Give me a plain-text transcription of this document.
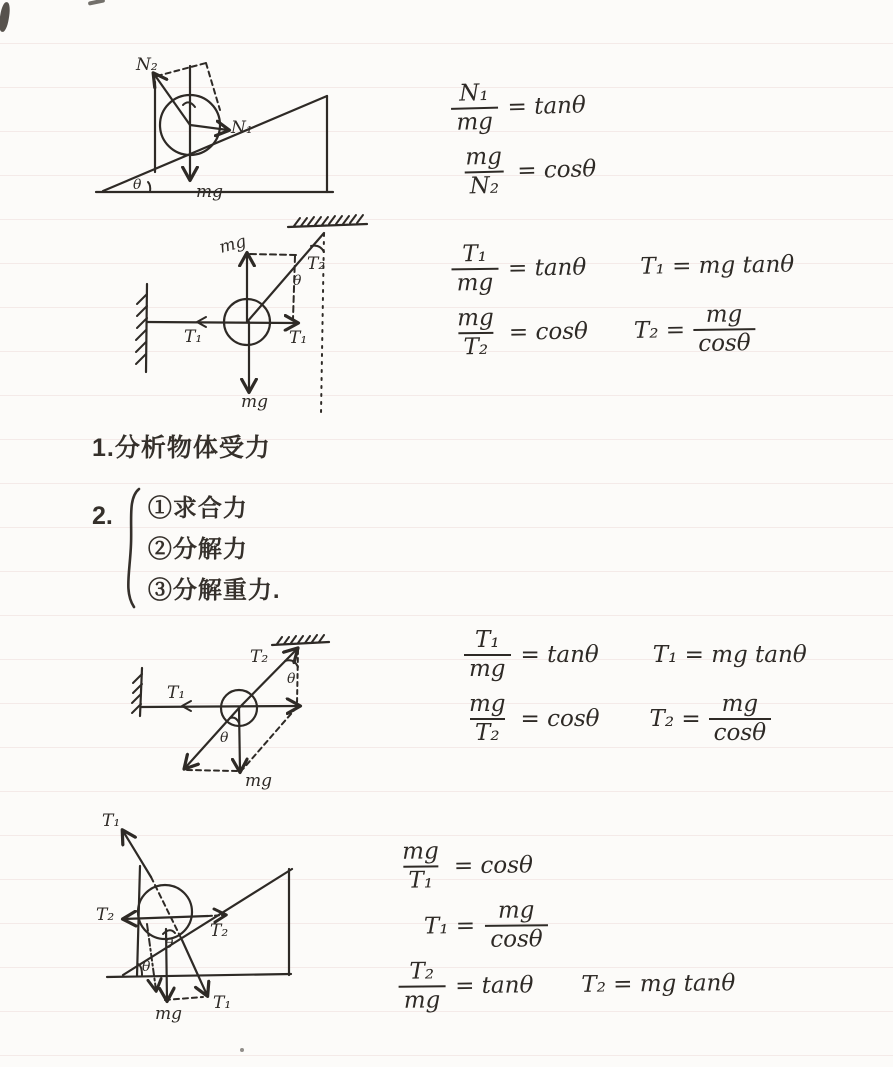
N₂
N₁
mg
θ
mg
T₁	T₁
mg
T₂
θ
T₁
T₂
θ
θ
mg
T₁
T₂
T₂
θ
θ
mg
T₁
$\frac{\text{N₁}}{mg} = \tan\theta$
$\frac{mg}{\text{N₂}} = \cos\theta$
$\frac{\text{T₁}}{mg} = \tan\theta$ T₁ = mg tanθ
$\frac{mg}{\text{T₂}} = \cos\theta$ $T_2 = \frac{mg}{\cos\theta}$
1.分析物体受力
2. ①求合力
②分解力
③分解重力.
$\frac{\text{T₁}}{mg} = \tan\theta$ T₁ = mg tanθ
$\frac{mg}{\text{T₂}} = \cos\theta$ $T_2 = \frac{mg}{\cos\theta}$
$\frac{mg}{\text{T₁}} = \cos\theta$
$T_1 = \frac{mg}{\cos\theta}$
$\frac{\text{T₂}}{mg} = \tan\theta$ T₂ = mg tanθ
